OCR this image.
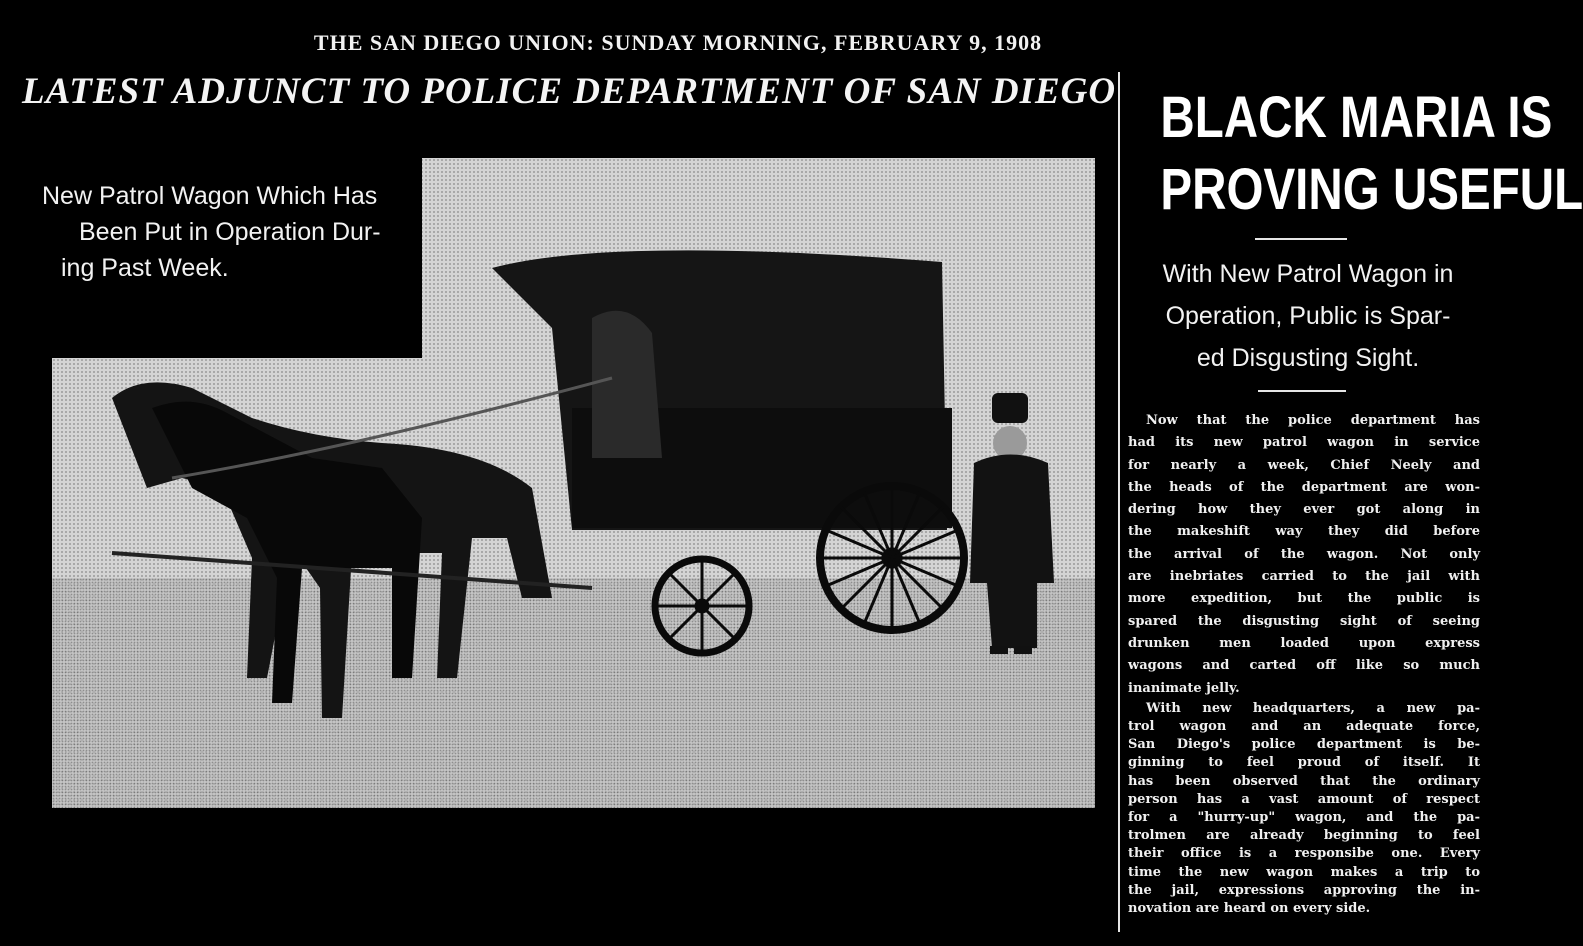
THE SAN DIEGO UNION: SUNDAY MORNING, FEBRUARY 9, 1908
LATEST ADJUNCT TO POLICE DEPARTMENT OF SAN DIEGO
New Patrol Wagon Which Has
Been Put in Operation Dur-
ing Past Week.
BLACK MARIA IS
PROVING USEFUL
With New Patrol Wagon in
Operation, Public is Spar-
ed Disgusting Sight.
Now that the police department has
had its new patrol wagon in service
for nearly a week, Chief Neely and
the heads of the department are won-
dering how they ever got along in
the makeshift way they did before
the arrival of the wagon. Not only
are inebriates carried to the jail with
more expedition, but the public is
spared the disgusting sight of seeing
drunken men loaded upon express
wagons and carted off like so much
inanimate jelly.
With new headquarters, a new pa-
trol wagon and an adequate force,
San Diego's police department is be-
ginning to feel proud of itself. It
has been observed that the ordinary
person has a vast amount of respect
for a "hurry-up" wagon, and the pa-
trolmen are already beginning to feel
their office is a responsibe one. Every
time the new wagon makes a trip to
the jail, expressions approving the in-
novation are heard on every side.
